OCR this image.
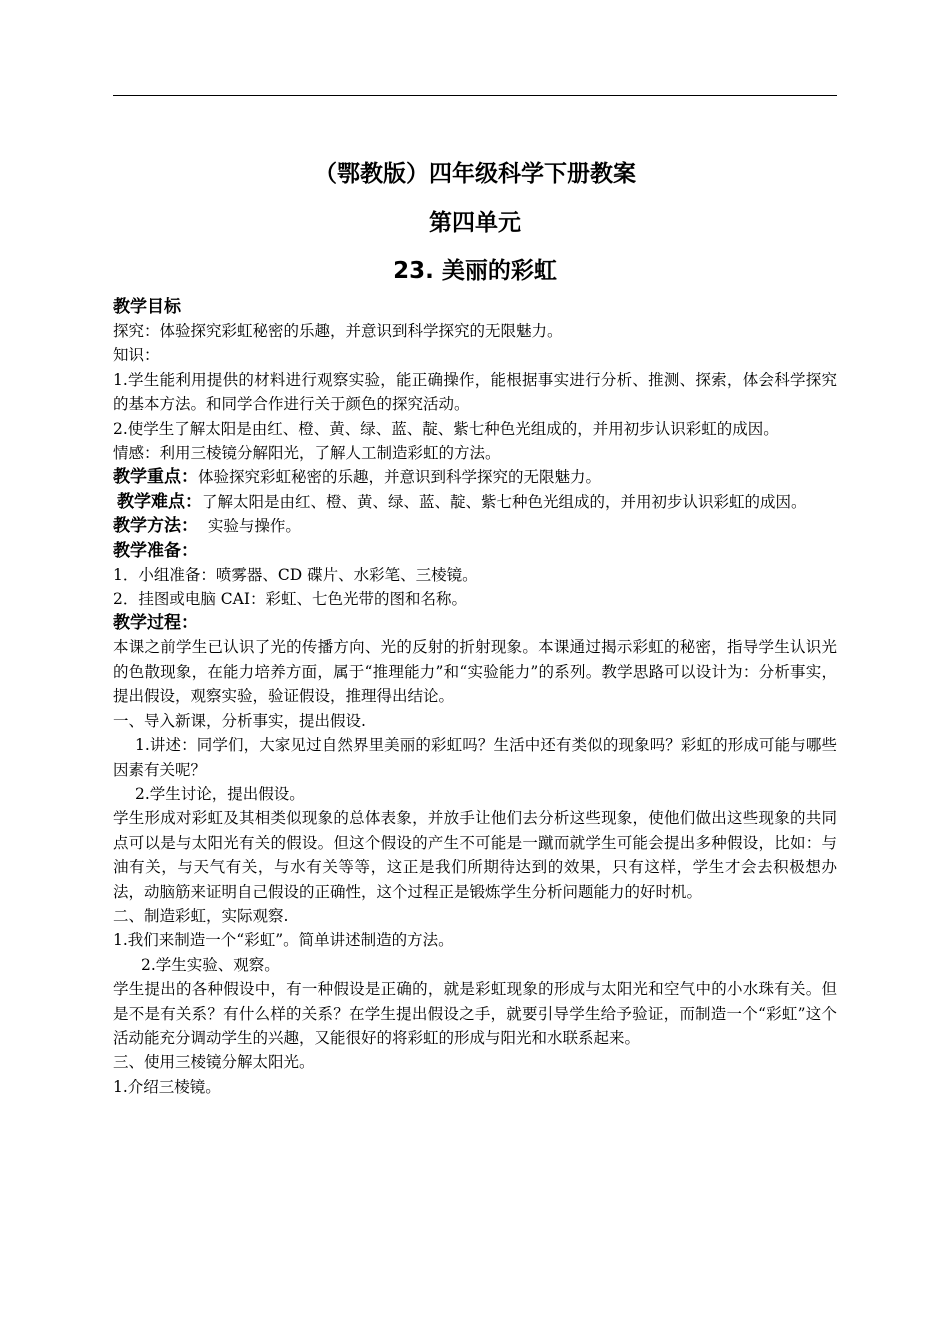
（鄂教版）四年级科学下册教案
第四单元
23. 美丽的彩虹
教学目标
探究：体验探究彩虹秘密的乐趣，并意识到科学探究的无限魅力。
知识：
1.学生能利用提供的材料进行观察实验，能正确操作，能根据事实进行分析、推测、探索，体会科学探究的基本方法。和同学合作进行关于颜色的探究活动。
2.使学生了解太阳是由红、橙、黄、绿、蓝、靛、紫七种色光组成的，并用初步认识彩虹的成因。
情感：利用三棱镜分解阳光，了解人工制造彩虹的方法。
教学重点：体验探究彩虹秘密的乐趣，并意识到科学探究的无限魅力。
教学难点：了解太阳是由红、橙、黄、绿、蓝、靛、紫七种色光组成的，并用初步认识彩虹的成因。
教学方法： 实验与操作。
教学准备：
1．小组准备：喷雾器、CD 碟片、水彩笔、三棱镜。
2．挂图或电脑 CAI：彩虹、七色光带的图和名称。
教学过程：
本课之前学生已认识了光的传播方向、光的反射的折射现象。本课通过揭示彩虹的秘密，指导学生认识光的色散现象，在能力培养方面，属于“推理能力”和“实验能力”的系列。教学思路可以设计为：分析事实，提出假设，观察实验，验证假设，推理得出结论。
一、导入新课，分析事实，提出假设.
1.讲述：同学们，大家见过自然界里美丽的彩虹吗？生活中还有类似的现象吗？彩虹的形成可能与哪些因素有关呢？
2.学生讨论，提出假设。
学生形成对彩虹及其相类似现象的总体表象，并放手让他们去分析这些现象，使他们做出这些现象的共同点可以是与太阳光有关的假设。但这个假设的产生不可能是一蹴而就学生可能会提出多种假设，比如：与油有关，与天气有关，与水有关等等，这正是我们所期待达到的效果，只有这样，学生才会去积极想办法，动脑筋来证明自己假设的正确性，这个过程正是锻炼学生分析问题能力的好时机。
二、制造彩虹，实际观察.
1.我们来制造一个“彩虹”。简单讲述制造的方法。
2.学生实验、观察。
学生提出的各种假设中，有一种假设是正确的，就是彩虹现象的形成与太阳光和空气中的小水珠有关。但是不是有关系？有什么样的关系？在学生提出假设之手，就要引导学生给予验证，而制造一个“彩虹”这个活动能充分调动学生的兴趣，又能很好的将彩虹的形成与阳光和水联系起来。
三、使用三棱镜分解太阳光。
1.介绍三棱镜。
